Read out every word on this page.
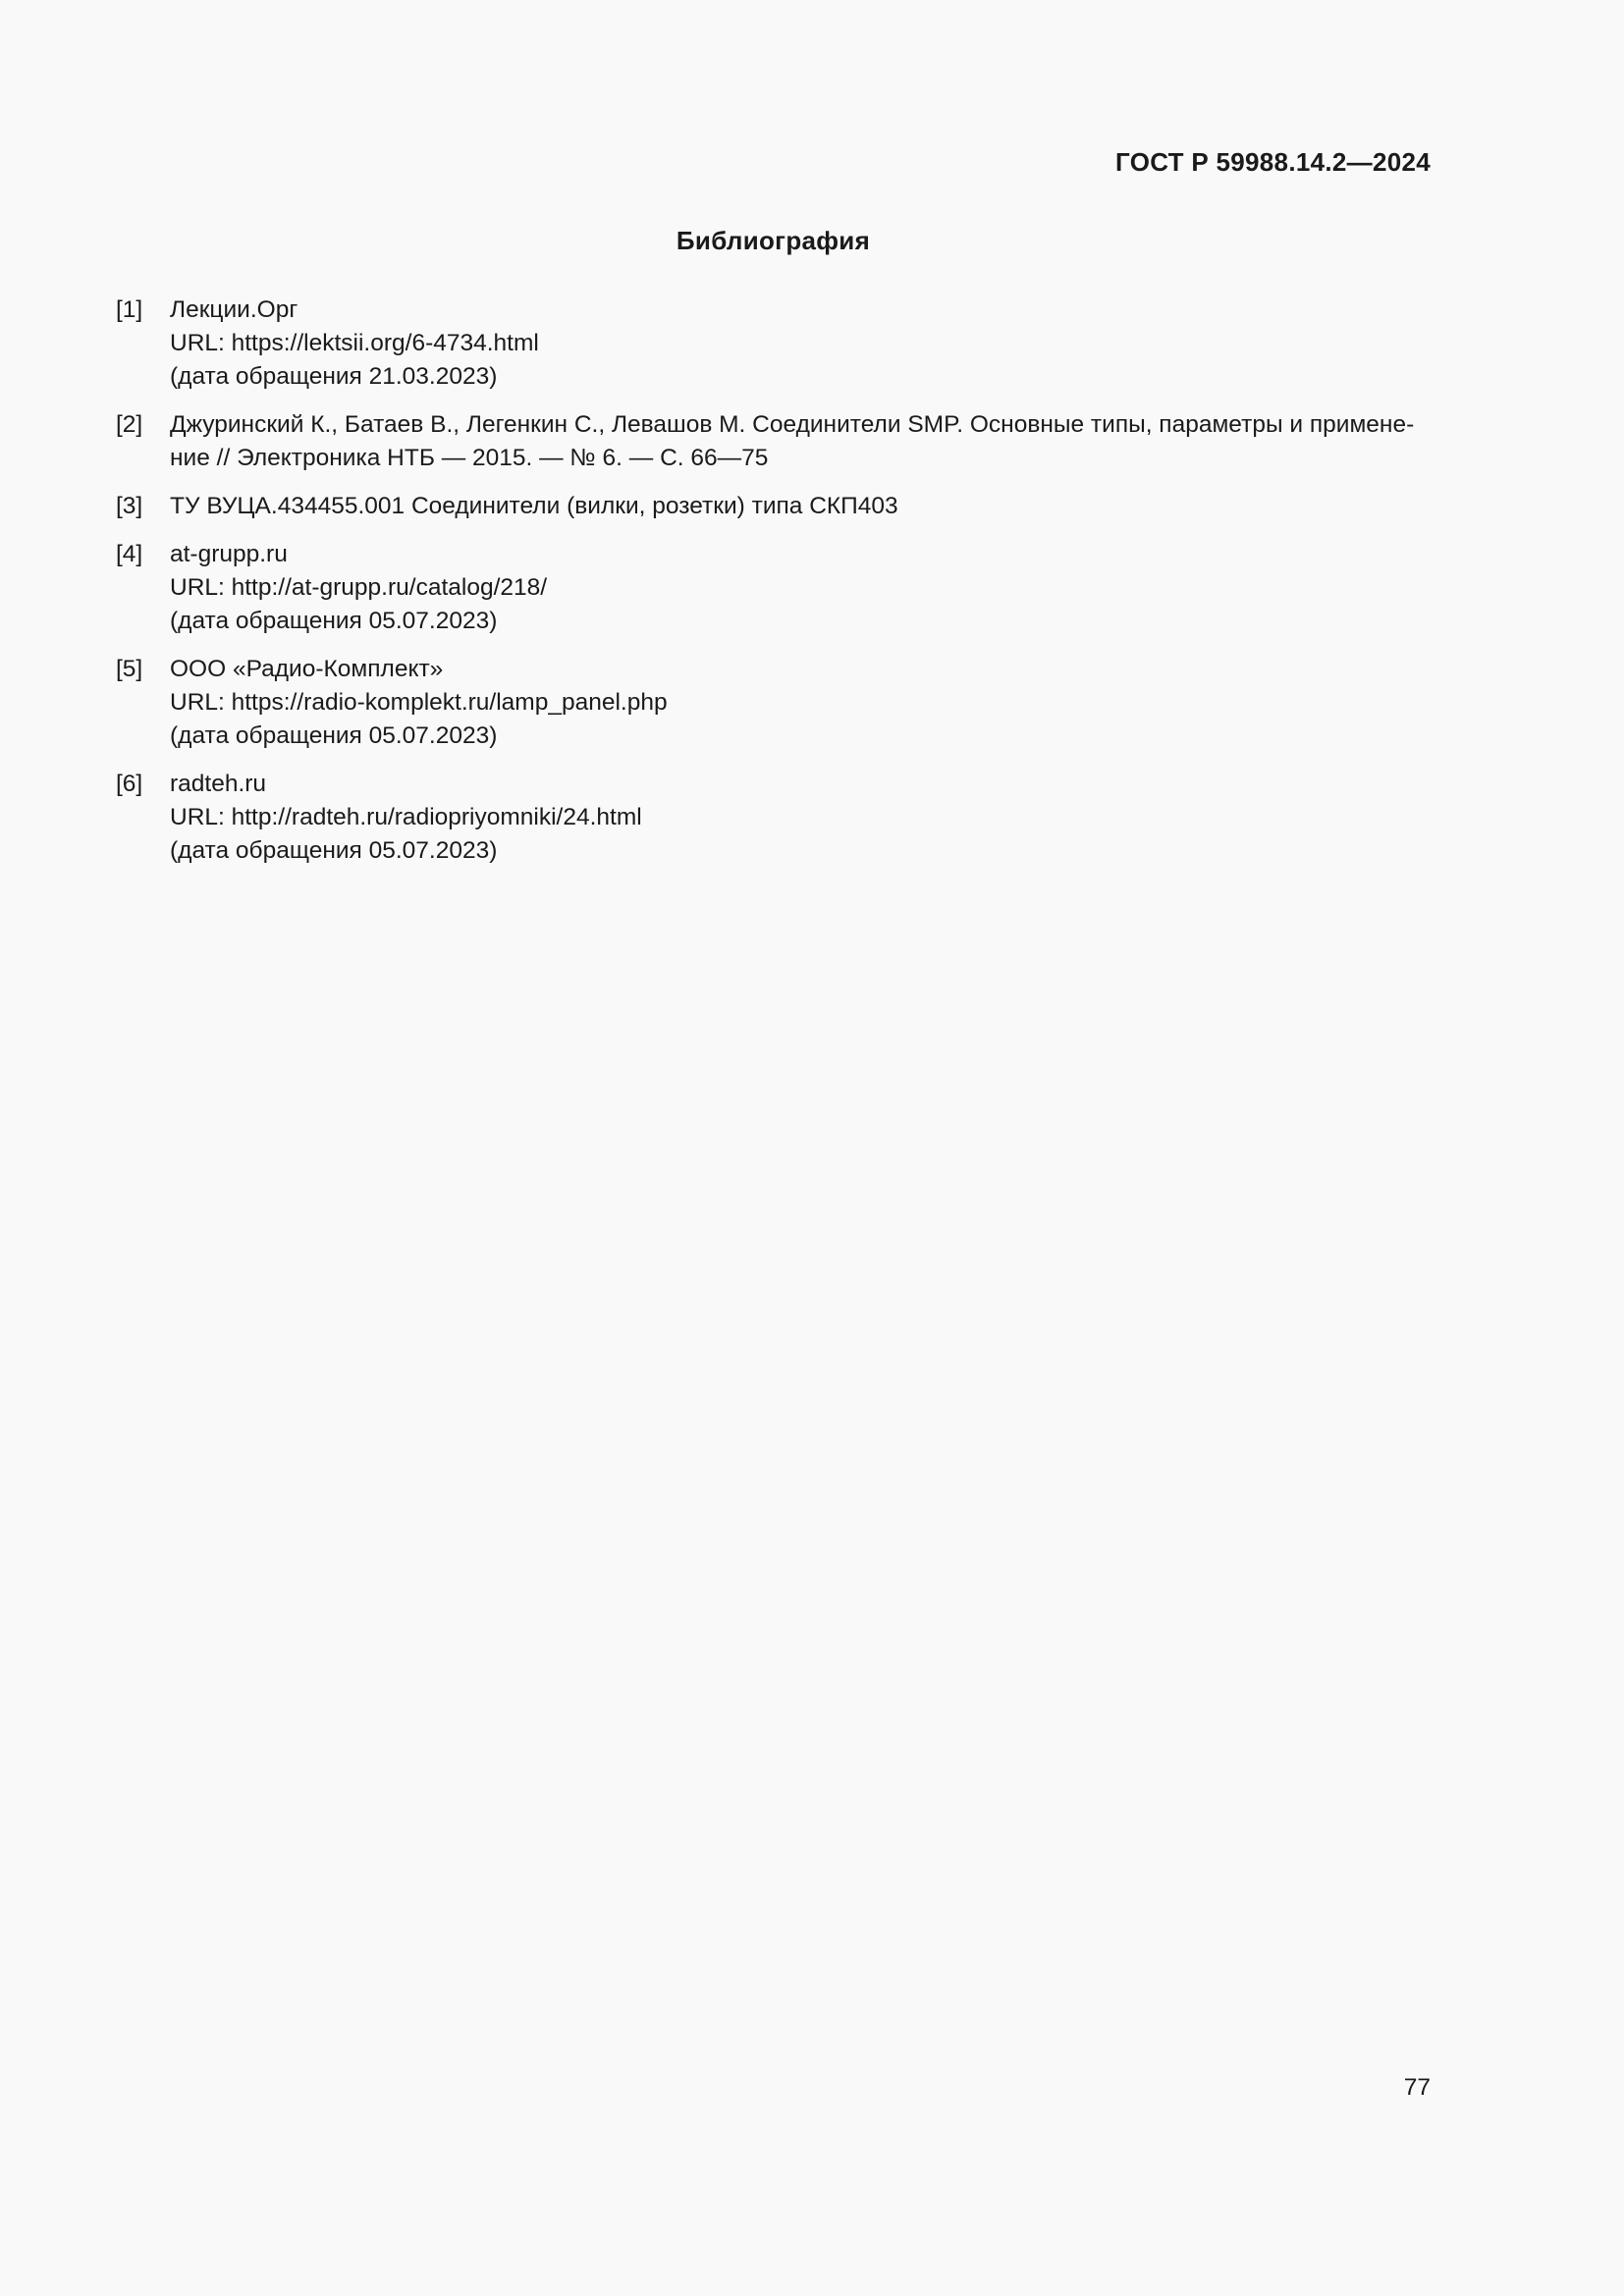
ГОСТ Р 59988.14.2—2024
Библиография
[1] Лекции.Орг
URL: https://lektsii.org/6-4734.html
(дата обращения 21.03.2023)
[2] Джуринский К., Батаев В., Легенкин С., Левашов М. Соединители SMP. Основные типы, параметры и примене-
ние // Электроника НТБ — 2015. — № 6. — С. 66—75
[3] ТУ ВУЦА.434455.001 Соединители (вилки, розетки) типа СКП403
[4] at-grupp.ru
URL: http://at-grupp.ru/catalog/218/
(дата обращения 05.07.2023)
[5] ООО «Радио-Комплект»
URL: https://radio-komplekt.ru/lamp_panel.php
(дата обращения 05.07.2023)
[6] radteh.ru
URL: http://radteh.ru/radiopriyomniki/24.html
(дата обращения 05.07.2023)
77
